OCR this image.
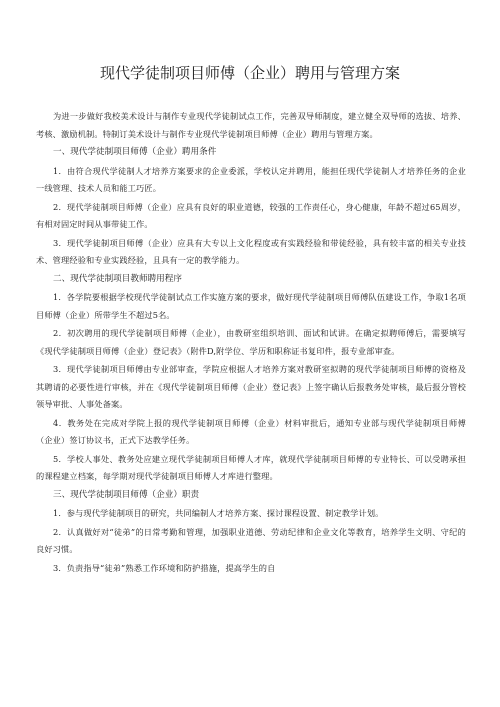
现代学徒制项目师傅（企业）聘用与管理方案

为进一步做好我校美术设计与制作专业现代学徒制试点工作，完善双导师制度，建立健全双导师的选拔、培养、考核、激励机制。特制订美术设计与制作专业现代学徒制项目师傅（企业）聘用与管理方案。

一、现代学徒制项目师傅（企业）聘用条件

1．由符合现代学徒制人才培养方案要求的企业委派，学校认定并聘用，能担任现代学徒制人才培养任务的企业一线管理、技术人员和能工巧匠。

2．现代学徒制项目师傅（企业）应具有良好的职业道德，较强的工作责任心，身心健康，年龄不超过65周岁，有相对固定时间从事带徒工作。

3．现代学徒制项目师傅（企业）应具有大专以上文化程度或有实践经验和带徒经验，具有较丰富的相关专业技术、管理经验和专业实践经验，且具有一定的教学能力。

二、现代学徒制项目教师聘用程序

1．各学院要根据学校现代学徒制试点工作实施方案的要求，做好现代学徒制项目师傅队伍建设工作，争取1名项目师傅（企业）所带学生不超过5名。

2．初次聘用的现代学徒制项目师傅（企业），由教研室组织培训、面试和试讲。在确定拟聘师傅后，需要填写《现代学徒制项目师傅（企业）登记表》（附件D,附学位、学历和职称证书复印件，报专业部审查。

3．现代学徒制项目师傅由专业部审查，学院应根据人才培养方案对教研室拟聘的现代学徒制项目师傅的资格及其聘请的必要性进行审核，并在《现代学徒制项目师傅（企业）登记表》上签字确认后报教务处审核，最后报分管校领导审批、人事处备案。

4．教务处在完成对学院上报的现代学徒制项目师傅（企业）材料审批后，通知专业部与现代学徒制项目师傅（企业）签订协议书，正式下达教学任务。

5．学校人事处、教务处应建立现代学徒制项目师傅人才库，就现代学徒制项目师傅的专业特长、可以受聘承担的课程建立档案，每学期对现代学徒制项目师傅人才库进行整理。

三、现代学徒制项目师傅（企业）职责

1．参与现代学徒制项目的研究，共同编制人才培养方案、探讨课程设置、制定教学计划。

2．认真做好对“徒弟”的日常考勤和管理，加强职业道德、劳动纪律和企业文化等教育，培养学生文明、守纪的良好习惯。

3．负责指导“徒弟”熟悉工作环境和防护措施，提高学生的自
